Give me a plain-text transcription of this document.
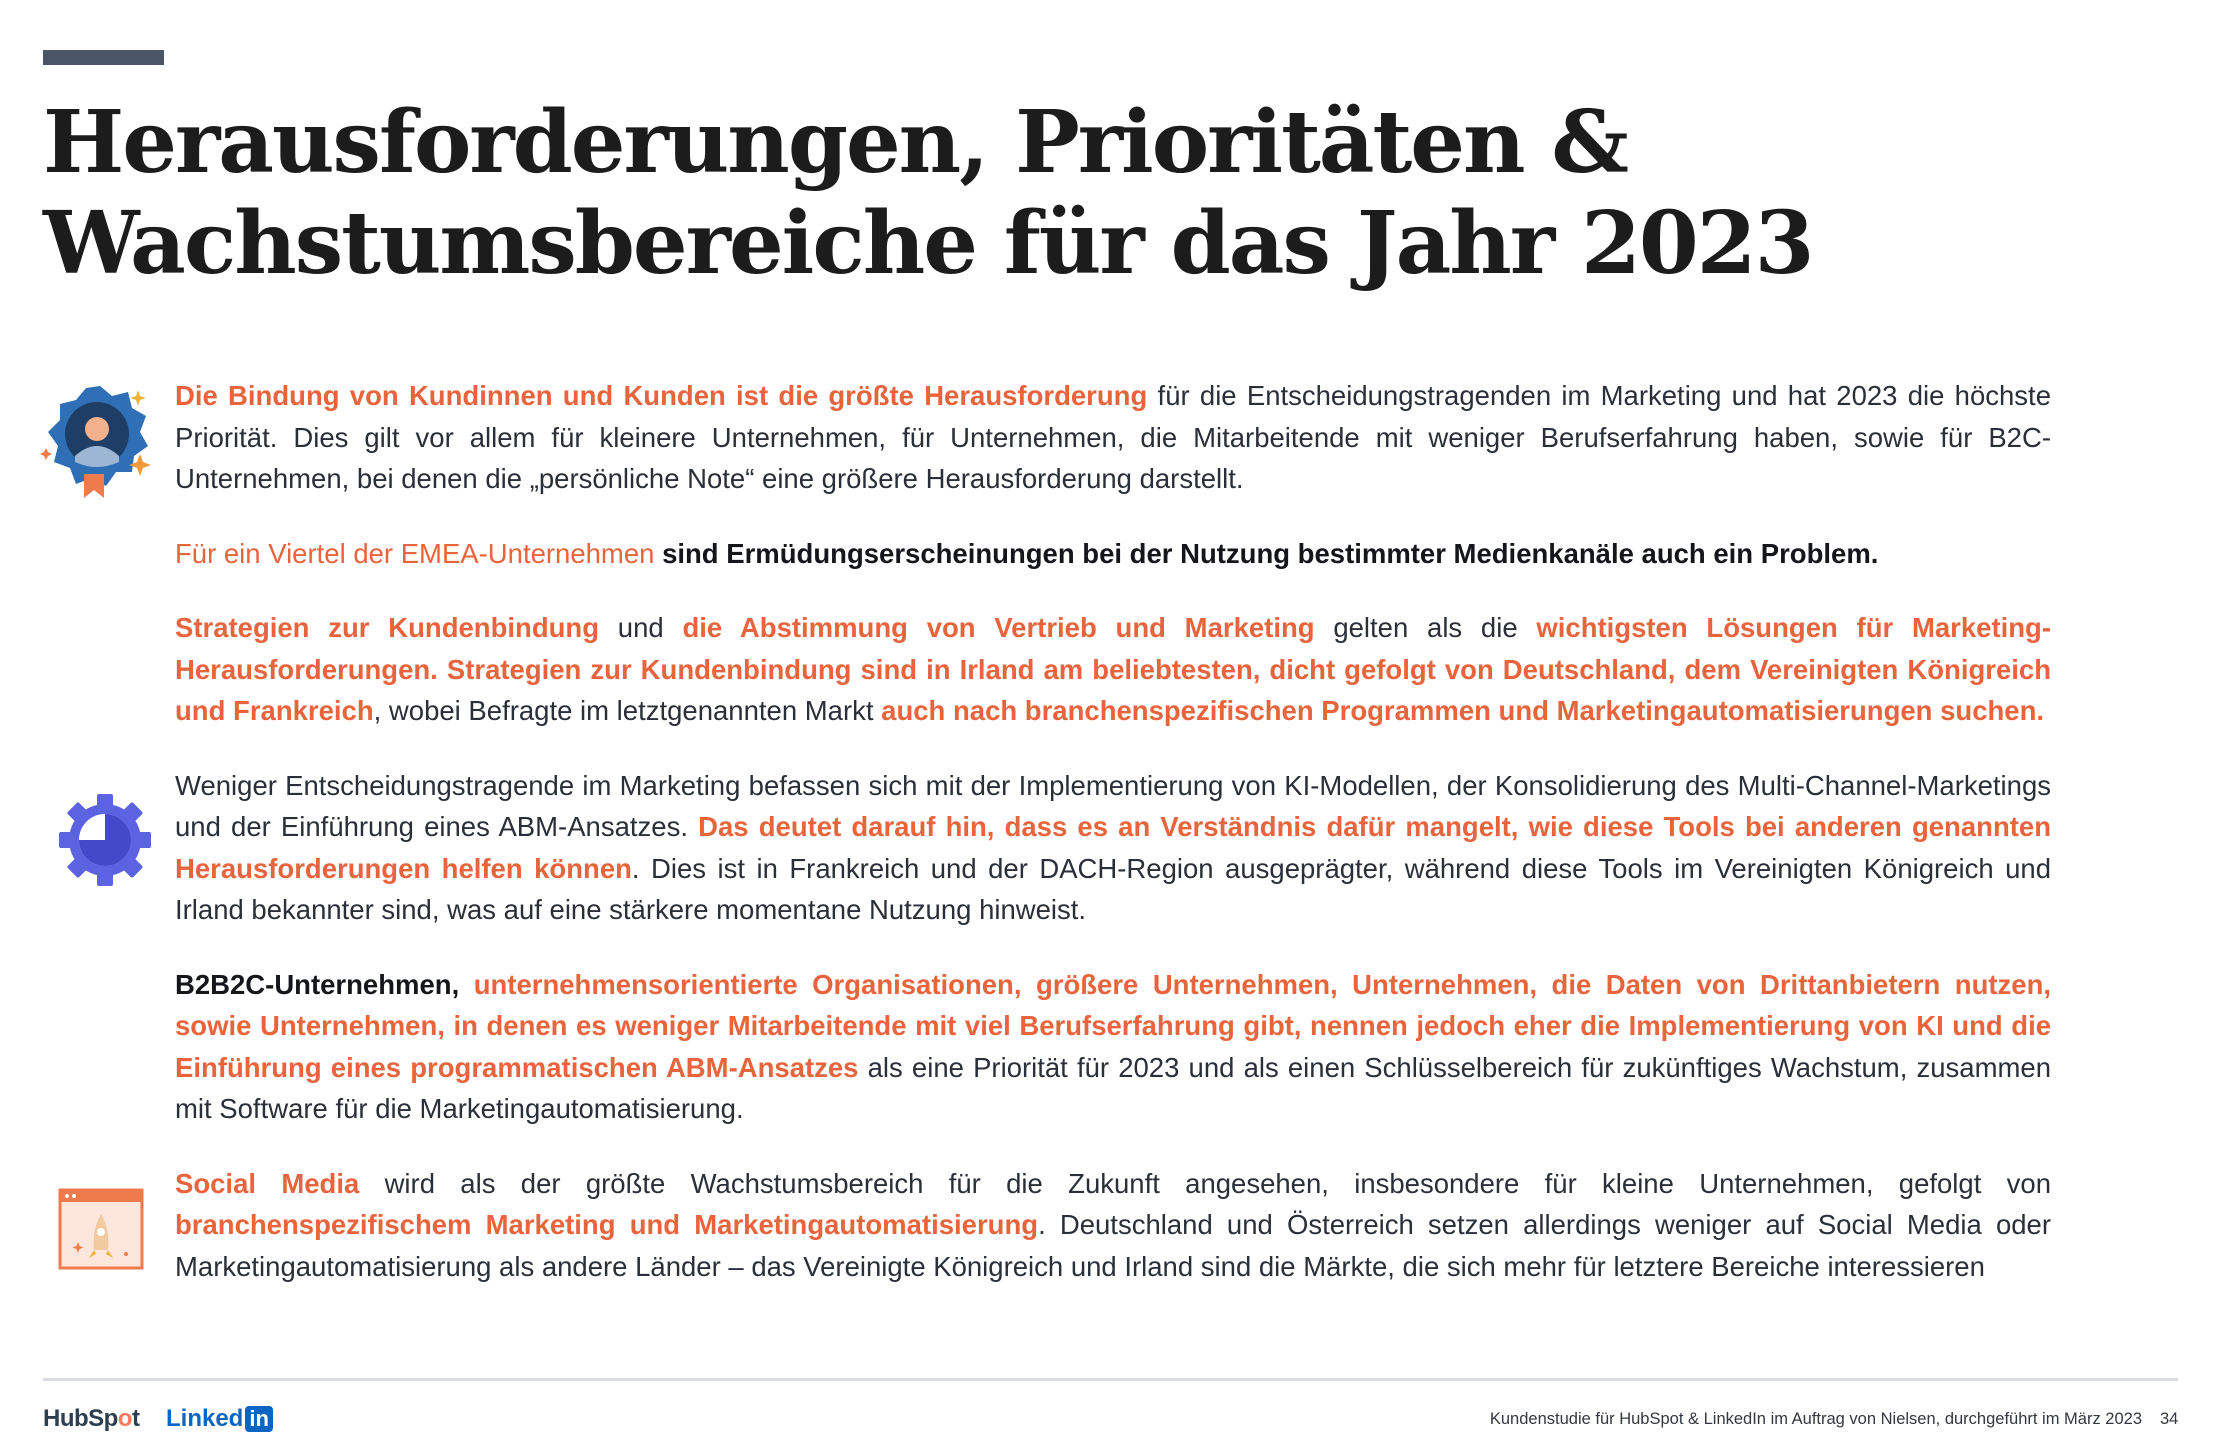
Herausforderungen, Prioritäten &
Wachstumsbereiche für das Jahr 2023

Die Bindung von Kundinnen und Kunden ist die größte Herausforderung für die Entscheidungstragenden im Marketing und hat 2023 die höchste Priorität. Dies gilt vor allem für kleinere Unternehmen, für Unternehmen, die Mitarbeitende mit weniger Berufserfahrung haben, sowie für B2C-Unternehmen, bei denen die „persönliche Note“ eine größere Herausforderung darstellt.

Für ein Viertel der EMEA-Unternehmen sind Ermüdungserscheinungen bei der Nutzung bestimmter Medienkanäle auch ein Problem.

Strategien zur Kundenbindung und die Abstimmung von Vertrieb und Marketing gelten als die wichtigsten Lösungen für Marketing-Herausforderungen. Strategien zur Kundenbindung sind in Irland am beliebtesten, dicht gefolgt von Deutschland, dem Vereinigten Königreich und Frankreich, wobei Befragte im letztgenannten Markt auch nach branchenspezifischen Programmen und Marketingautomatisierungen suchen.

Weniger Entscheidungstragende im Marketing befassen sich mit der Implementierung von KI-Modellen, der Konsolidierung des Multi-Channel-Marketings und der Einführung eines ABM-Ansatzes. Das deutet darauf hin, dass es an Verständnis dafür mangelt, wie diese Tools bei anderen genannten Herausforderungen helfen können. Dies ist in Frankreich und der DACH-Region ausgeprägter, während diese Tools im Vereinigten Königreich und Irland bekannter sind, was auf eine stärkere momentane Nutzung hinweist.

B2B2C-Unternehmen, unternehmensorientierte Organisationen, größere Unternehmen, Unternehmen, die Daten von Drittanbietern nutzen, sowie Unternehmen, in denen es weniger Mitarbeitende mit viel Berufserfahrung gibt, nennen jedoch eher die Implementierung von KI und die Einführung eines programmatischen ABM-Ansatzes als eine Priorität für 2023 und als einen Schlüsselbereich für zukünftiges Wachstum, zusammen mit Software für die Marketingautomatisierung.

Social Media wird als der größte Wachstumsbereich für die Zukunft angesehen, insbesondere für kleine Unternehmen, gefolgt von branchenspezifischem Marketing und Marketingautomatisierung. Deutschland und Österreich setzen allerdings weniger auf Social Media oder Marketingautomatisierung als andere Länder – das Vereinigte Königreich und Irland sind die Märkte, die sich mehr für letztere Bereiche interessieren

HubSpot Linked in	Kundenstudie für HubSpot & LinkedIn im Auftrag von Nielsen, durchgeführt im März 2023 34
